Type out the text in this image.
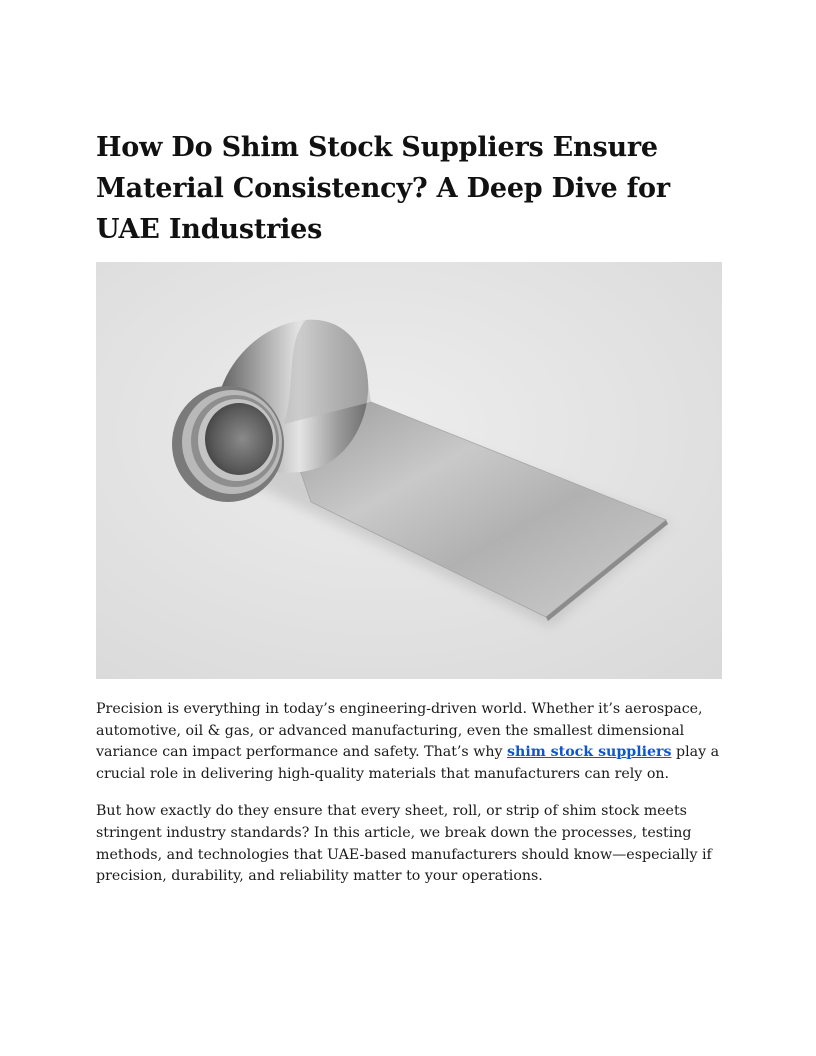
How Do Shim Stock Suppliers Ensure Material Consistency? A Deep Dive for UAE Industries

Precision is everything in today’s engineering-driven world. Whether it’s aerospace, automotive, oil & gas, or advanced manufacturing, even the smallest dimensional variance can impact performance and safety. That’s why shim stock suppliers play a crucial role in delivering high-quality materials that manufacturers can rely on.

But how exactly do they ensure that every sheet, roll, or strip of shim stock meets stringent industry standards? In this article, we break down the processes, testing methods, and technologies that UAE-based manufacturers should know—especially if precision, durability, and reliability matter to your operations.
